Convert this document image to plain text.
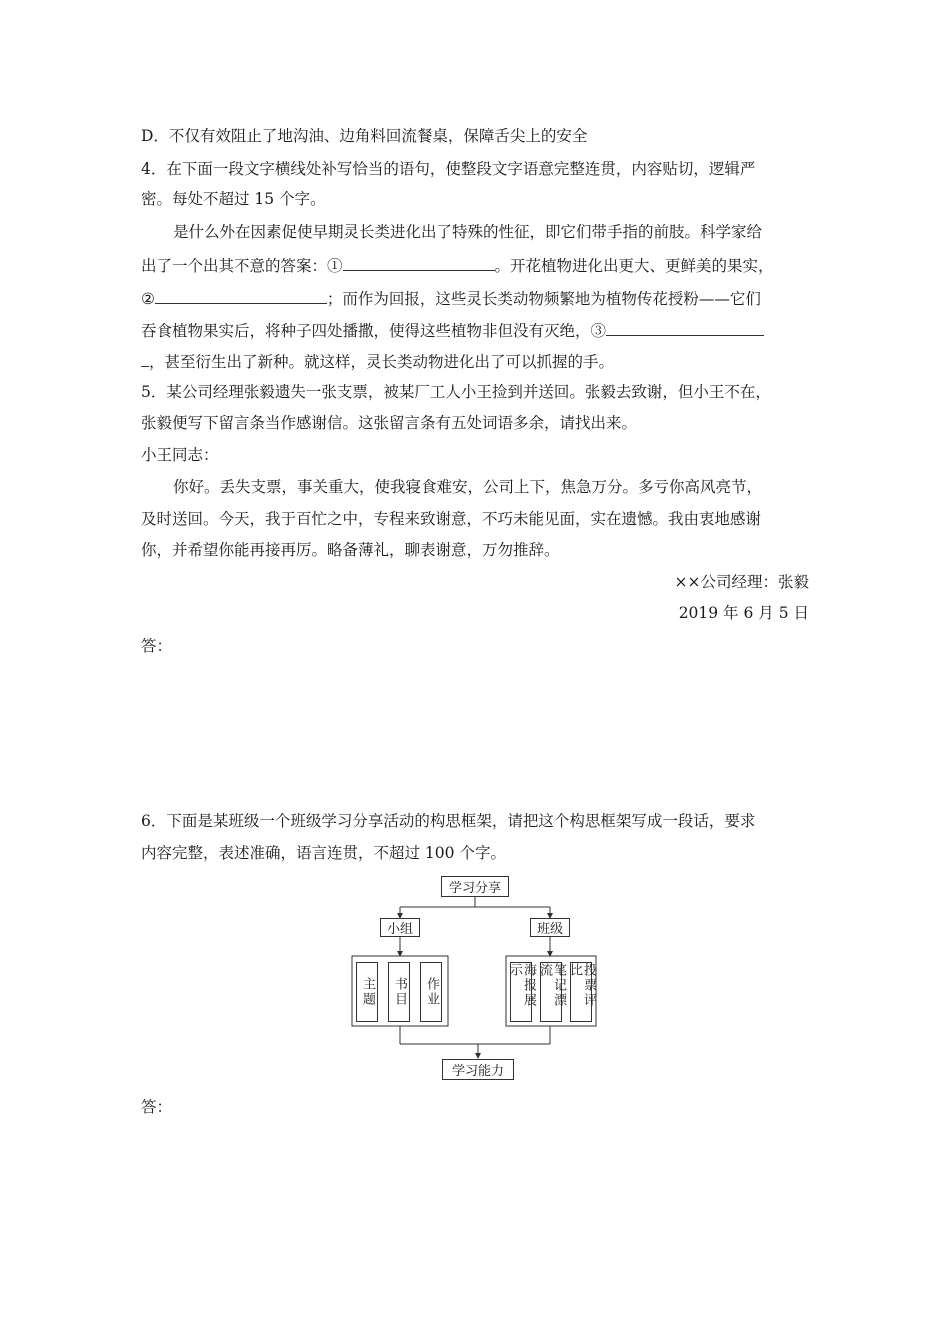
D．不仅有效阻止了地沟油、边角料回流餐桌，保障舌尖上的安全
4．在下面一段文字横线处补写恰当的语句，使整段文字语意完整连贯，内容贴切，逻辑严
密。每处不超过 15 个字。
是什么外在因素促使早期灵长类进化出了特殊的性征，即它们带手指的前肢。科学家给
出了一个出其不意的答案：①	。开花植物进化出更大、更鲜美的果实，
②	；而作为回报，这些灵长类动物频繁地为植物传花授粉——它们
吞食植物果实后，将种子四处播撒，使得这些植物非但没有灭绝，③
，甚至衍生出了新种。就这样，灵长类动物进化出了可以抓握的手。
5．某公司经理张毅遗失一张支票，被某厂工人小王捡到并送回。张毅去致谢，但小王不在，
张毅便写下留言条当作感谢信。这张留言条有五处词语多余，请找出来。
小王同志：
你好。丢失支票，事关重大，使我寝食难安，公司上下，焦急万分。多亏你高风亮节，
及时送回。今天，我于百忙之中，专程来致谢意，不巧未能见面，实在遗憾。我由衷地感谢
你，并希望你能再接再厉。略备薄礼，聊表谢意，万勿推辞。
××公司经理：张毅
2019 年 6 月 5 日
答：
6．下面是某班级一个班级学习分享活动的构思框架，请把这个构思框架写成一段话，要求
内容完整，表述准确，语言连贯，不超过 100 个字。
学习分享
小组	班级
主题	书目	作业	海报展示	笔记漂流	投票评比
学习能力
答：
